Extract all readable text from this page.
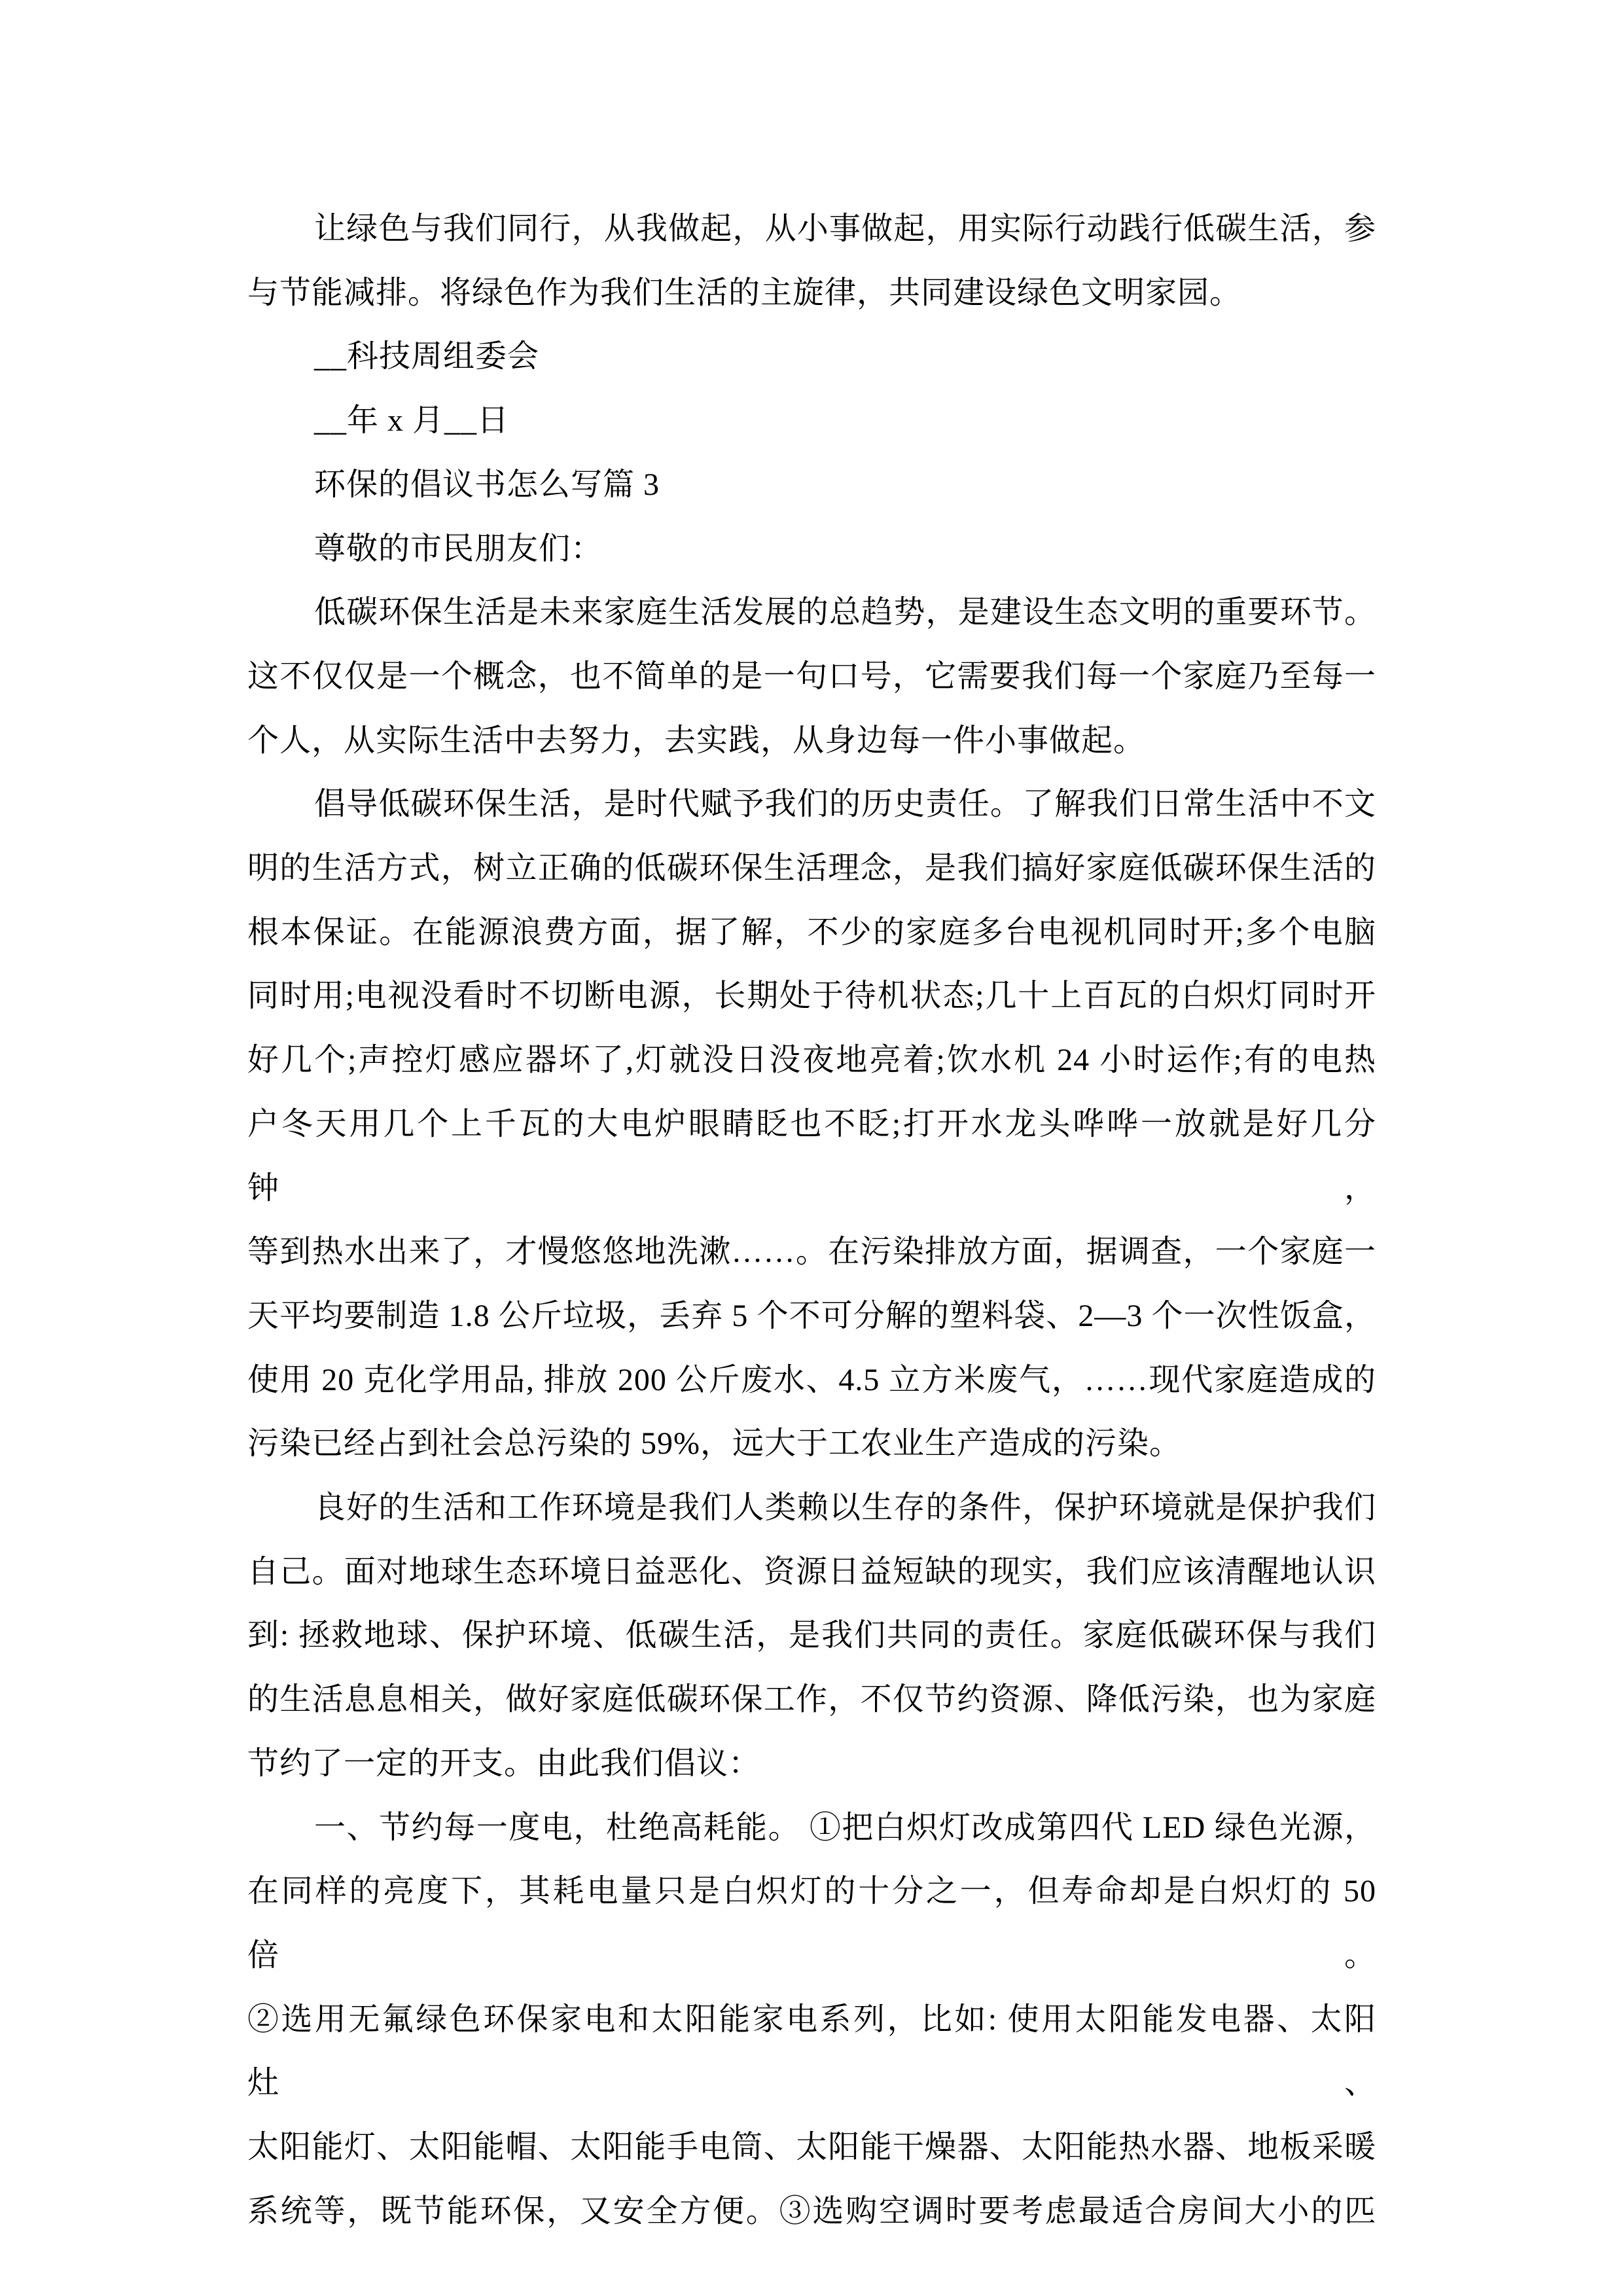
让绿色与我们同行，从我做起，从小事做起，用实际行动践行低碳生活，参
与节能减排。将绿色作为我们生活的主旋律，共同建设绿色文明家园。
__科技周组委会
__年 x 月__日
环保的倡议书怎么写篇 3
尊敬的市民朋友们：
低碳环保生活是未来家庭生活发展的总趋势，是建设生态文明的重要环节。
这不仅仅是一个概念，也不简单的是一句口号，它需要我们每一个家庭乃至每一
个人，从实际生活中去努力，去实践，从身边每一件小事做起。
倡导低碳环保生活，是时代赋予我们的历史责任。了解我们日常生活中不文
明的生活方式，树立正确的低碳环保生活理念，是我们搞好家庭低碳环保生活的
根本保证。在能源浪费方面，据了解，不少的家庭多台电视机同时开;多个电脑
同时用;电视没看时不切断电源，长期处于待机状态;几十上百瓦的白炽灯同时开
好几个;声控灯感应器坏了,灯就没日没夜地亮着;饮水机 24 小时运作;有的电热
户冬天用几个上千瓦的大电炉眼睛眨也不眨;打开水龙头哗哗一放就是好几分钟，
等到热水出来了，才慢悠悠地洗漱……。在污染排放方面，据调查，一个家庭一
天平均要制造 1.8 公斤垃圾，丢弃 5 个不可分解的塑料袋、2—3 个一次性饭盒，
使用 20 克化学用品, 排放 200 公斤废水、4.5 立方米废气，……现代家庭造成的
污染已经占到社会总污染的 59%，远大于工农业生产造成的污染。
良好的生活和工作环境是我们人类赖以生存的条件，保护环境就是保护我们
自己。面对地球生态环境日益恶化、资源日益短缺的现实，我们应该清醒地认识
到: 拯救地球、保护环境、低碳生活，是我们共同的责任。家庭低碳环保与我们
的生活息息相关，做好家庭低碳环保工作，不仅节约资源、降低污染，也为家庭
节约了一定的开支。由此我们倡议：
一、节约每一度电，杜绝高耗能。 ①把白炽灯改成第四代 LED 绿色光源，
在同样的亮度下，其耗电量只是白炽灯的十分之一，但寿命却是白炽灯的 50 倍。
②选用无氟绿色环保家电和太阳能家电系列，比如: 使用太阳能发电器、太阳灶、
太阳能灯、太阳能帽、太阳能手电筒、太阳能干燥器、太阳能热水器、地板采暖
系统等，既节能环保，又安全方便。③选购空调时要考虑最适合房间大小的匹
